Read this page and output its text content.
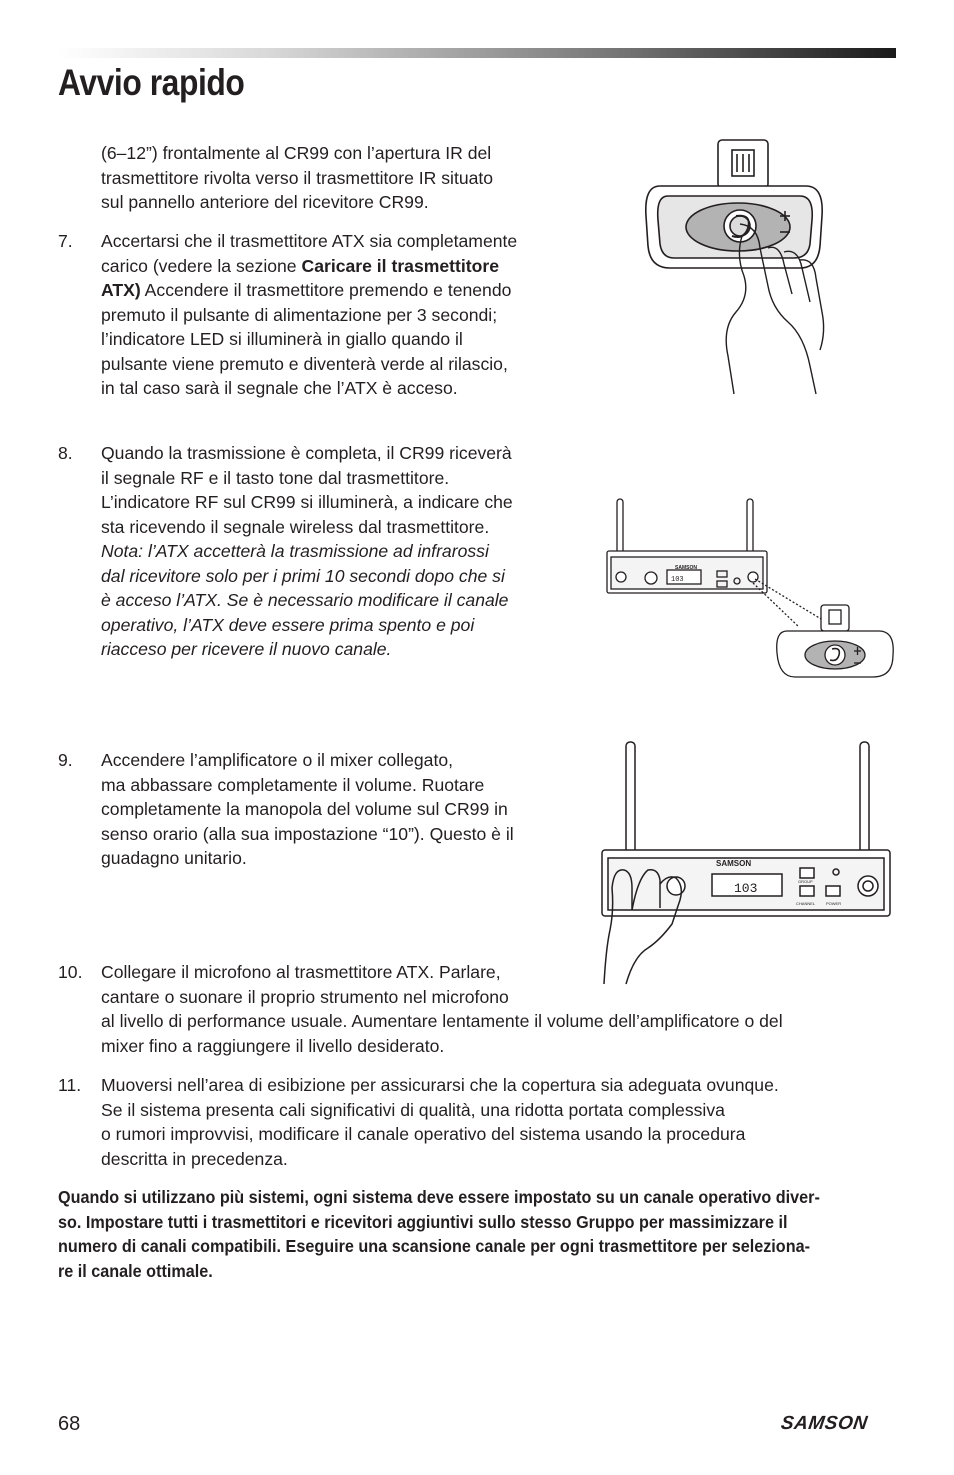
Avvio rapido
(6–12”) frontalmente al CR99 con l’apertura IR del
trasmettitore rivolta verso il trasmettitore IR situato
sul pannello anteriore del ricevitore CR99.
7. Accertarsi che il trasmettitore ATX sia completamente
carico (vedere la sezione Caricare il trasmettitore
ATX) Accendere il trasmettitore premendo e tenendo
premuto il pulsante di alimentazione per 3 secondi;
l’indicatore LED si illuminerà in giallo quando il
pulsante viene premuto e diventerà verde al rilascio,
in tal caso sarà il segnale che l’ATX è acceso.
8. Quando la trasmissione è completa, il CR99 riceverà
il segnale RF e il tasto tone dal trasmettitore.
L’indicatore RF sul CR99 si illuminerà, a indicare che
sta ricevendo il segnale wireless dal trasmettitore.
Nota: l’ATX accetterà la trasmissione ad infrarossi
dal ricevitore solo per i primi 10 secondi dopo che si
è acceso l’ATX. Se è necessario modificare il canale
operativo, l’ATX deve essere prima spento e poi
riacceso per ricevere il nuovo canale.
9. Accendere l’amplificatore o il mixer collegato,
ma abbassare completamente il volume. Ruotare
completamente la manopola del volume sul CR99 in
senso orario (alla sua impostazione “10”). Questo è il
guadagno unitario.
10. Collegare il microfono al trasmettitore ATX. Parlare,
cantare o suonare il proprio strumento nel microfono
al livello di performance usuale. Aumentare lentamente il volume dell’amplificatore o del
mixer fino a raggiungere il livello desiderato.
11. Muoversi nell’area di esibizione per assicurarsi che la copertura sia adeguata ovunque.
Se il sistema presenta cali significativi di qualità, una ridotta portata complessiva
o rumori improvvisi, modificare il canale operativo del sistema usando la procedura
descritta in precedenza.
Quando si utilizzano più sistemi, ogni sistema deve essere impostato su un canale operativo diver-
so. Impostare tutti i trasmettitori e ricevitori aggiuntivi sullo stesso Gruppo per massimizzare il
numero di canali compatibili. Eseguire una scansione canale per ogni trasmettitore per seleziona-
re il canale ottimale.
SAMSON
103
SAMSON
103	GROUP
CHANNEL	POWER
68	SAMSON
